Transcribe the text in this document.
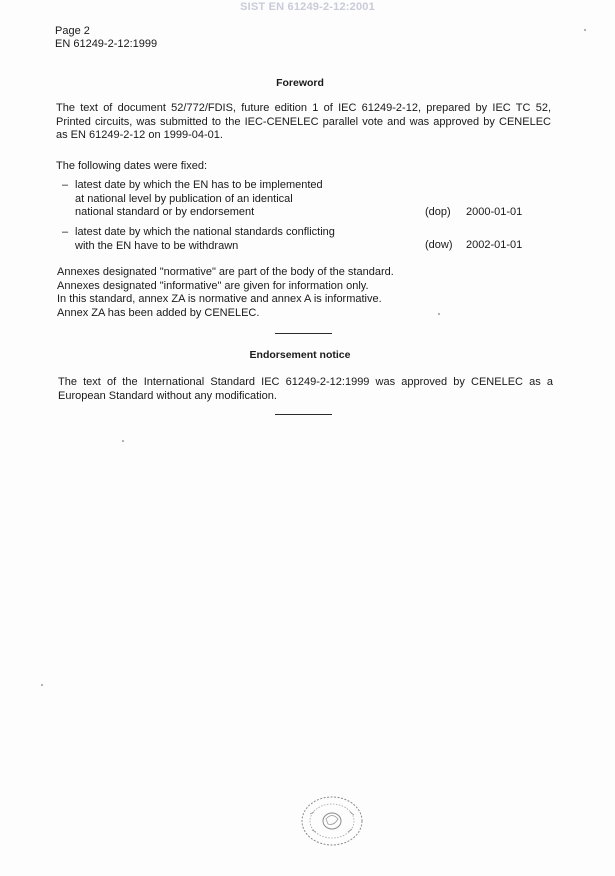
SIST EN 61249-2-12:2001
Page 2
EN 61249-2-12:1999
Foreword
The text of document 52/772/FDIS, future edition 1 of IEC 61249-2-12, prepared by IEC TC 52, Printed circuits, was submitted to the IEC-CENELEC parallel vote and was approved by CENELEC as EN 61249-2-12 on 1999-04-01.
The following dates were fixed:
– latest date by which the EN has to be implemented
at national level by publication of an identical
national standard or by endorsement	(dop)	2000-01-01
– latest date by which the national standards conflicting
with the EN have to be withdrawn	(dow)	2002-01-01
Annexes designated "normative" are part of the body of the standard.
Annexes designated "informative" are given for information only.
In this standard, annex ZA is normative and annex A is informative.
Annex ZA has been added by CENELEC.
Endorsement notice
The text of the International Standard IEC 61249-2-12:1999 was approved by CENELEC as a European Standard without any modification.
